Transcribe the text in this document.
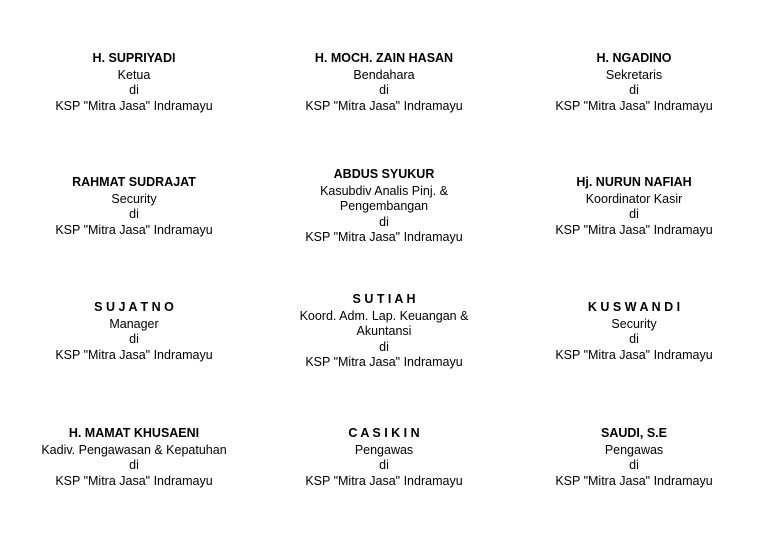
H. SUPRIYADI
Ketua
di
KSP "Mitra Jasa" Indramayu
H. MOCH. ZAIN HASAN
Bendahara
di
KSP "Mitra Jasa" Indramayu
H. NGADINO
Sekretaris
di
KSP "Mitra Jasa" Indramayu
RAHMAT SUDRAJAT
Security
di
KSP "Mitra Jasa" Indramayu
ABDUS SYUKUR
Kasubdiv Analis Pinj. & Pengembangan
di
KSP "Mitra Jasa" Indramayu
Hj. NURUN NAFIAH
Koordinator Kasir
di
KSP "Mitra Jasa" Indramayu
S U J A T N O
Manager
di
KSP "Mitra Jasa" Indramayu
S U T I A H
Koord. Adm. Lap. Keuangan & Akuntansi
di
KSP "Mitra Jasa" Indramayu
K U S W A N D I
Security
di
KSP "Mitra Jasa" Indramayu
H. MAMAT KHUSAENI
Kadiv. Pengawasan & Kepatuhan
di
KSP "Mitra Jasa" Indramayu
C A S I K I N
Pengawas
di
KSP "Mitra Jasa" Indramayu
SAUDI, S.E
Pengawas
di
KSP "Mitra Jasa" Indramayu
